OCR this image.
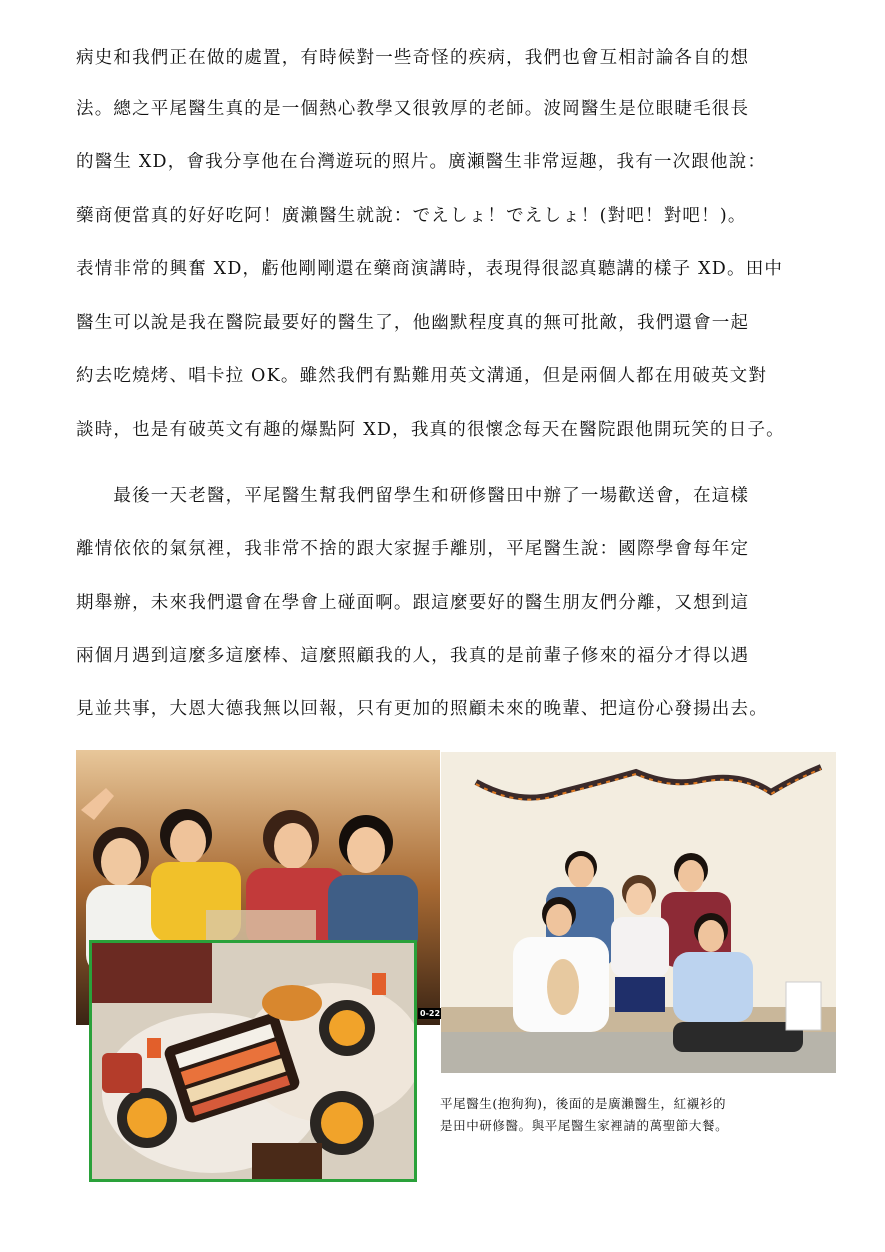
病史和我們正在做的處置，有時候對一些奇怪的疾病，我們也會互相討論各自的想
法。總之平尾醫生真的是一個熱心教學又很敦厚的老師。波岡醫生是位眼睫毛很長
的醫生 XD，會我分享他在台灣遊玩的照片。廣瀬醫生非常逗趣，我有一次跟他說：
藥商便當真的好好吃阿！廣瀨醫生就說：でえしょ！でえしょ！(對吧！對吧！)。
表情非常的興奮 XD，虧他剛剛還在藥商演講時，表現得很認真聽講的樣子 XD。田中
醫生可以說是我在醫院最要好的醫生了，他幽默程度真的無可批敵，我們還會一起
約去吃燒烤、唱卡拉 OK。雖然我們有點難用英文溝通，但是兩個人都在用破英文對
談時，也是有破英文有趣的爆點阿 XD，我真的很懷念每天在醫院跟他開玩笑的日子。
　　最後一天老醫，平尾醫生幫我們留學生和研修醫田中辦了一場歡送會，在這樣
離情依依的氣氛裡，我非常不捨的跟大家握手離別，平尾醫生說：國際學會每年定
期舉辦，未來我們還會在學會上碰面啊。跟這麼要好的醫生朋友們分離，又想到這
兩個月遇到這麼多這麼棒、這麼照顧我的人，我真的是前輩子修來的福分才得以遇
見並共事，大恩大德我無以回報，只有更加的照顧未來的晚輩、把這份心發揚出去。
0-22
平尾醫生(抱狗狗)，後面的是廣瀨醫生，紅襯衫的
是田中研修醫。與平尾醫生家裡請的萬聖節大餐。
